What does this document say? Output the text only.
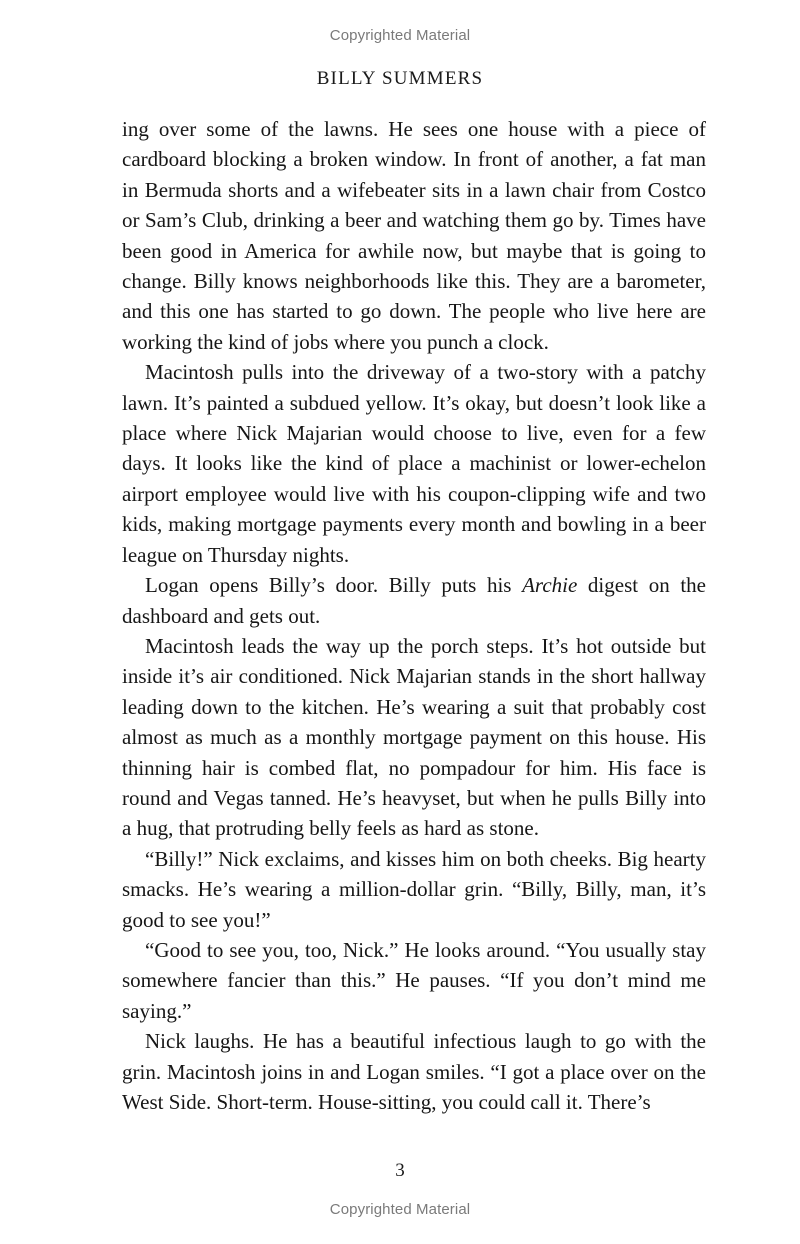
Copyrighted Material
BILLY SUMMERS

ing over some of the lawns. He sees one house with a piece of cardboard blocking a broken window. In front of another, a fat man in Bermuda shorts and a wifebeater sits in a lawn chair from Costco or Sam’s Club, drinking a beer and watching them go by. Times have been good in America for awhile now, but maybe that is going to change. Billy knows neighborhoods like this. They are a barometer, and this one has started to go down. The people who live here are working the kind of jobs where you punch a clock.

Macintosh pulls into the driveway of a two-story with a patchy lawn. It’s painted a subdued yellow. It’s okay, but doesn’t look like a place where Nick Majarian would choose to live, even for a few days. It looks like the kind of place a machinist or lower-echelon airport employee would live with his coupon-clipping wife and two kids, making mortgage payments every month and bowling in a beer league on Thursday nights.

Logan opens Billy’s door. Billy puts his Archie digest on the dashboard and gets out.

Macintosh leads the way up the porch steps. It’s hot outside but inside it’s air conditioned. Nick Majarian stands in the short hallway leading down to the kitchen. He’s wearing a suit that probably cost almost as much as a monthly mortgage payment on this house. His thinning hair is combed flat, no pompadour for him. His face is round and Vegas tanned. He’s heavyset, but when he pulls Billy into a hug, that protruding belly feels as hard as stone.

“Billy!” Nick exclaims, and kisses him on both cheeks. Big hearty smacks. He’s wearing a million-dollar grin. “Billy, Billy, man, it’s good to see you!”

“Good to see you, too, Nick.” He looks around. “You usually stay somewhere fancier than this.” He pauses. “If you don’t mind me saying.”

Nick laughs. He has a beautiful infectious laugh to go with the grin. Macintosh joins in and Logan smiles. “I got a place over on the West Side. Short-term. House-sitting, you could call it. There’s

3
Copyrighted Material
